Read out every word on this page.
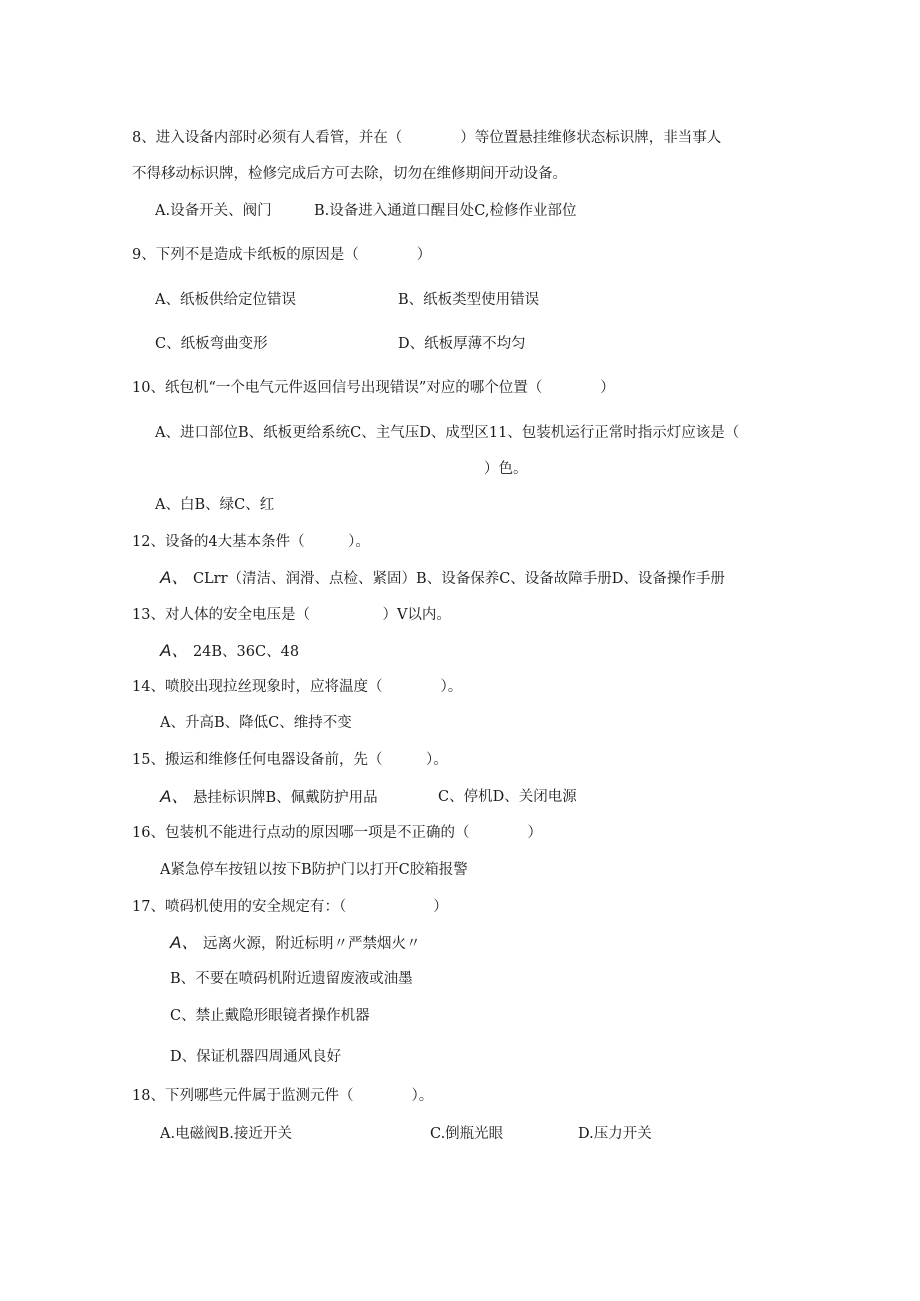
8、进入设备内部时必须有人看管，并在（　　　　）等位置悬挂维修状态标识牌，非当事人
不得移动标识牌，检修完成后方可去除，切勿在维修期间开动设备。
A.设备开关、阀门	B.设备进入通道口醒目处C,检修作业部位
9、下列不是造成卡纸板的原因是（　　　　）
A、纸板供给定位错误	B、纸板类型使用错误
C、纸板弯曲变形	D、纸板厚薄不均匀
10、纸包机“一个电气元件返回信号出现错误”对应的哪个位置（　　　　）
A、进口部位B、纸板更给系统C、主气压D、成型区11、包装机运行正常时指示灯应该是（
）色。
A、白B、绿C、红
12、设备的4大基本条件（　　　）。
A、 CLrr（清洁、润滑、点检、紧固）B、设备保养C、设备故障手册D、设备操作手册
13、对人体的安全电压是（　　　　　）V以内。
A、 24B、36C、48
14、喷胶出现拉丝现象时，应将温度（　　　　）。
A、升高B、降低C、维持不变
15、搬运和维修任何电器设备前，先（　　　）。
A、 悬挂标识牌B、佩戴防护用品	C、停机D、关闭电源
16、包装机不能进行点动的原因哪一项是不正确的（　　　　）
A紧急停车按钮以按下B防护门以打开C胶箱报警
17、喷码机使用的安全规定有：（　　　　　　）
A、 远离火源，附近标明〃严禁烟火〃
B、不要在喷码机附近遗留废液或油墨
C、禁止戴隐形眼镜者操作机器
D、保证机器四周通风良好
18、下列哪些元件属于监测元件（　　　　）。
A.电磁阀B.接近开关	C.倒瓶光眼	D.压力开关
